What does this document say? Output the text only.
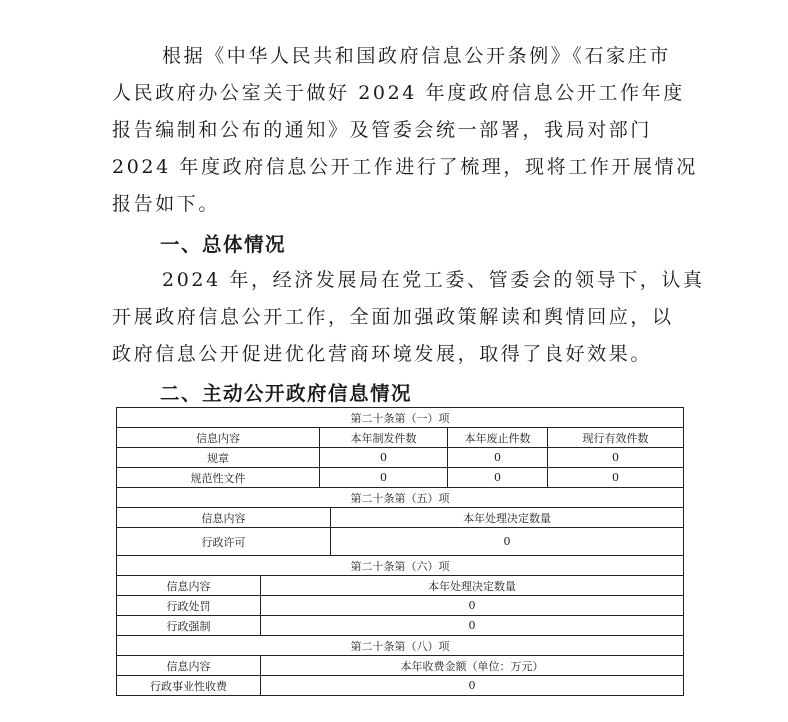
根据《中华人民共和国政府信息公开条例》《石家庄市
人民政府办公室关于做好 2024 年度政府信息公开工作年度
报告编制和公布的通知》及管委会统一部署，我局对部门
2024 年度政府信息公开工作进行了梳理，现将工作开展情况
报告如下。

一、总体情况

2024 年，经济发展局在党工委、管委会的领导下，认真
开展政府信息公开工作，全面加强政策解读和舆情回应，以
政府信息公开促进优化营商环境发展，取得了良好效果。

二、主动公开政府信息情况
第二十条第（一）项
信息内容	本年制发件数	本年废止件数	现行有效件数
规章	0	0	0
规范性文件	0	0	0
第二十条第（五）项
信息内容	本年处理决定数量
行政许可	0
第二十条第（六）项
信息内容	本年处理决定数量
行政处罚	0
行政强制	0
第二十条第（八）项
信息内容	本年收费金额（单位：万元）
行政事业性收费	0
